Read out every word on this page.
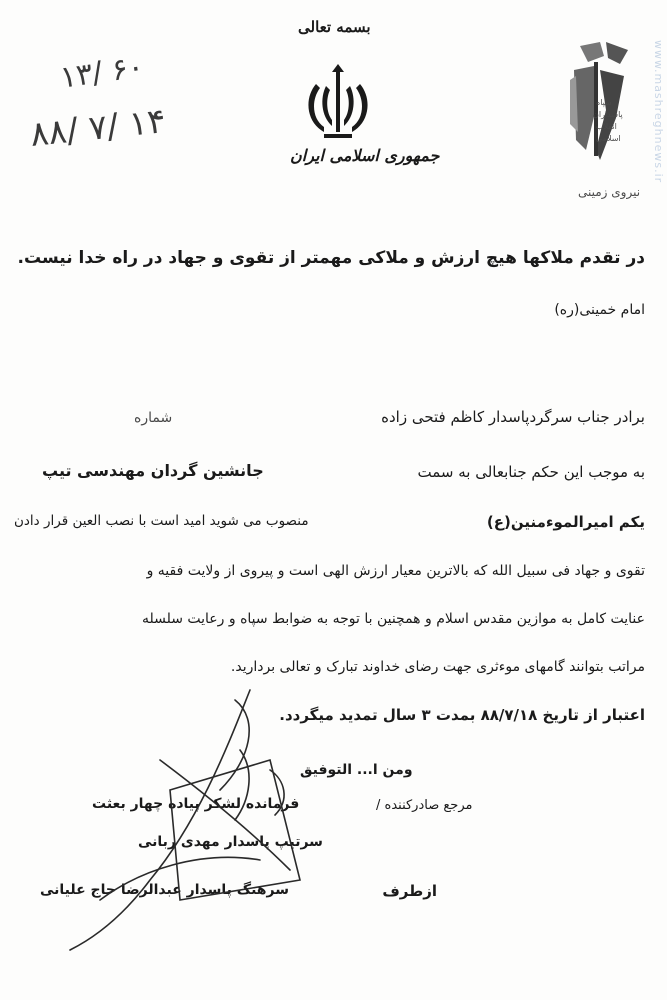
۱۳/ ۶۰
۸۸/ ۷/ ۱۴
بسمه تعالی
جمهوری اسلامی ایران
سپاه
پاسداران
انقلاب
اسلامی
نیروی زمینی
www.mashreghnews.ir
در تقدم ملاکها هیچ ارزش و ملاکی مهمتر از تقوی و جهاد در راه خدا نیست.
امام خمینی(ره)
شماره	برادر جناب سرگردپاسدار کاظم فتحی زاده
به موجب این حکم جنابعالی به سمت
جانشین گردان مهندسی تیپ
یکم امیرالموءمنین(ع)
منصوب می شوید امید است با نصب العین قرار دادن
تقوی و جهاد فی سبیل الله که بالاترین معیار ارزش الهی است و پیروی از ولایت فقیه و
عنایت کامل به موازین مقدس اسلام و همچنین با توجه به ضوابط سپاه و رعایت سلسله
مراتب بتوانند گامهای موءثری جهت رضای خداوند تبارک و تعالی بردارید.
اعتبار از تاریخ ۸۸/۷/۱۸ بمدت ۳ سال تمدید میگردد.
ومن ا... التوفیق
مرجع صادرکننده /
فرمانده لشکر پیاده چهار بعثت
سرتیپ پاسدار مهدی ربانی
ازطرف
سرهنگ پاسدار عبدالرضا حاج علیانی
